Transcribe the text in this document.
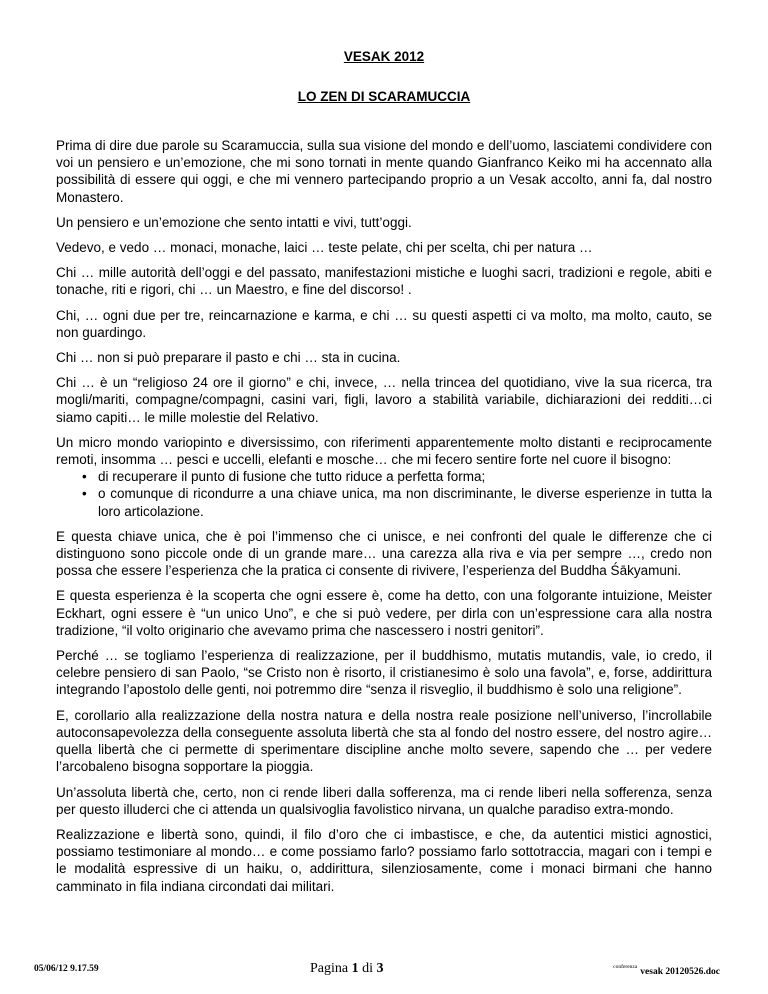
VESAK 2012
LO ZEN DI SCARAMUCCIA

Prima di dire due parole su Scaramuccia, sulla sua visione del mondo e dell’uomo, lasciatemi condividere con voi un pensiero e un’emozione, che mi sono tornati in mente quando Gianfranco Keiko mi ha accennato alla possibilità di essere qui oggi, e che mi vennero partecipando proprio a un Vesak accolto, anni fa, dal nostro Monastero.

Un pensiero e un’emozione che sento intatti e vivi, tutt’oggi.

Vedevo, e vedo … monaci, monache, laici … teste pelate, chi per scelta, chi per natura …

Chi … mille autorità dell’oggi e del passato, manifestazioni mistiche e luoghi sacri, tradizioni e regole, abiti e tonache, riti e rigori, chi … un Maestro, e fine del discorso! .

Chi, … ogni due per tre, reincarnazione e karma, e chi … su questi aspetti ci va molto, ma molto, cauto, se non guardingo.

Chi … non si può preparare il pasto e chi … sta in cucina.

Chi … è un “religioso 24 ore il giorno” e chi, invece, … nella trincea del quotidiano, vive la sua ricerca, tra mogli/mariti, compagne/compagni, casini vari, figli, lavoro a stabilità variabile, dichiarazioni dei redditi…ci siamo capiti… le mille molestie del Relativo.

Un micro mondo variopinto e diversissimo, con riferimenti apparentemente molto distanti e reciprocamente remoti, insomma … pesci e uccelli, elefanti e mosche… che mi fecero sentire forte nel cuore il bisogno:

• di recuperare il punto di fusione che tutto riduce a perfetta forma;
• o comunque di ricondurre a una chiave unica, ma non discriminante, le diverse esperienze in tutta la loro articolazione.

E questa chiave unica, che è poi l’immenso che ci unisce, e nei confronti del quale le differenze che ci distinguono sono piccole onde di un grande mare… una carezza alla riva e via per sempre …, credo non possa che essere l’esperienza che la pratica ci consente di rivivere, l’esperienza del Buddha Śākyamuni.

E questa esperienza è la scoperta che ogni essere è, come ha detto, con una folgorante intuizione, Meister Eckhart, ogni essere è “un unico Uno”, e che si può vedere, per dirla con un’espressione cara alla nostra tradizione, “il volto originario che avevamo prima che nascessero i nostri genitori”.

Perché … se togliamo l’esperienza di realizzazione, per il buddhismo, mutatis mutandis, vale, io credo, il celebre pensiero di san Paolo, “se Cristo non è risorto, il cristianesimo è solo una favola”, e, forse, addirittura integrando l’apostolo delle genti, noi potremmo dire “senza il risveglio, il buddhismo è solo una religione”.

E, corollario alla realizzazione della nostra natura e della nostra reale posizione nell’universo, l’incrollabile autoconsapevolezza della conseguente assoluta libertà che sta al fondo del nostro essere, del nostro agire… quella libertà che ci permette di sperimentare discipline anche molto severe, sapendo che … per vedere l’arcobaleno bisogna sopportare la pioggia.

Un’assoluta libertà che, certo, non ci rende liberi dalla sofferenza, ma ci rende liberi nella sofferenza, senza per questo illuderci che ci attenda un qualsivoglia favolistico nirvana, un qualche paradiso extra-mondo.

Realizzazione e libertà sono, quindi, il filo d’oro che ci imbastisce, e che, da autentici mistici agnostici, possiamo testimoniare al mondo… e come possiamo farlo? possiamo farlo sottotraccia, magari con i tempi e le modalità espressive di un haiku, o, addirittura, silenziosamente, come i monaci birmani che hanno camminato in fila indiana circondati dai militari.

05/06/12 9.17.59	Pagina 1 di 3	$^{conferenza}$ vesak 20120526.doc
